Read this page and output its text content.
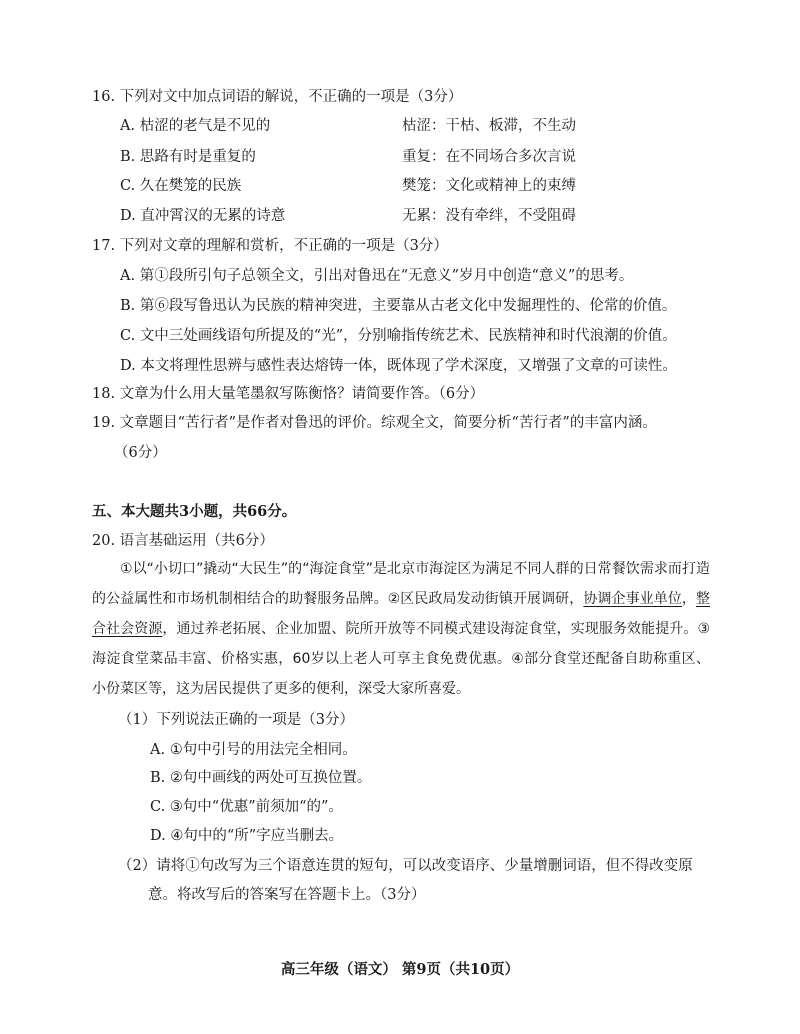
16. 下列对文中加点词语的解说，不正确的一项是（3分）
A. 枯涩的老气是不见的	枯涩：干枯、板滞，不生动
B. 思路有时是重复的	重复：在不同场合多次言说
C. 久在樊笼的民族	樊笼：文化或精神上的束缚
D. 直冲霄汉的无累的诗意	无累：没有牵绊，不受阻碍
17. 下列对文章的理解和赏析，不正确的一项是（3分）
A. 第①段所引句子总领全文，引出对鲁迅在“无意义”岁月中创造“意义”的思考。
B. 第⑥段写鲁迅认为民族的精神突进，主要靠从古老文化中发掘理性的、伦常的价值。
C. 文中三处画线语句所提及的“光”，分别喻指传统艺术、民族精神和时代浪潮的价值。
D. 本文将理性思辨与感性表达熔铸一体，既体现了学术深度，又增强了文章的可读性。
18. 文章为什么用大量笔墨叙写陈衡恪？请简要作答。（6分）
19. 文章题目“苦行者”是作者对鲁迅的评价。综观全文，简要分析“苦行者”的丰富内涵。
（6分）
五、本大题共3小题，共66分。
20. 语言基础运用（共6分）
①以“小切口”撬动“大民生”的“海淀食堂”是北京市海淀区为满足不同人群的日常餐饮需求而打造的公益属性和市场机制相结合的助餐服务品牌。②区民政局发动街镇开展调研，协调企事业单位，整合社会资源，通过养老拓展、企业加盟、院所开放等不同模式建设海淀食堂，实现服务效能提升。③海淀食堂菜品丰富、价格实惠，60岁以上老人可享主食免费优惠。④部分食堂还配备自助称重区、小份菜区等，这为居民提供了更多的便利，深受大家所喜爱。
（1）下列说法正确的一项是（3分）
A. ①句中引号的用法完全相同。
B. ②句中画线的两处可互换位置。
C. ③句中“优惠”前须加“的”。
D. ④句中的“所”字应当删去。
（2）请将①句改写为三个语意连贯的短句，可以改变语序、少量增删词语，但不得改变原
意。将改写后的答案写在答题卡上。（3分）
高三年级（语文） 第9页（共10页）
